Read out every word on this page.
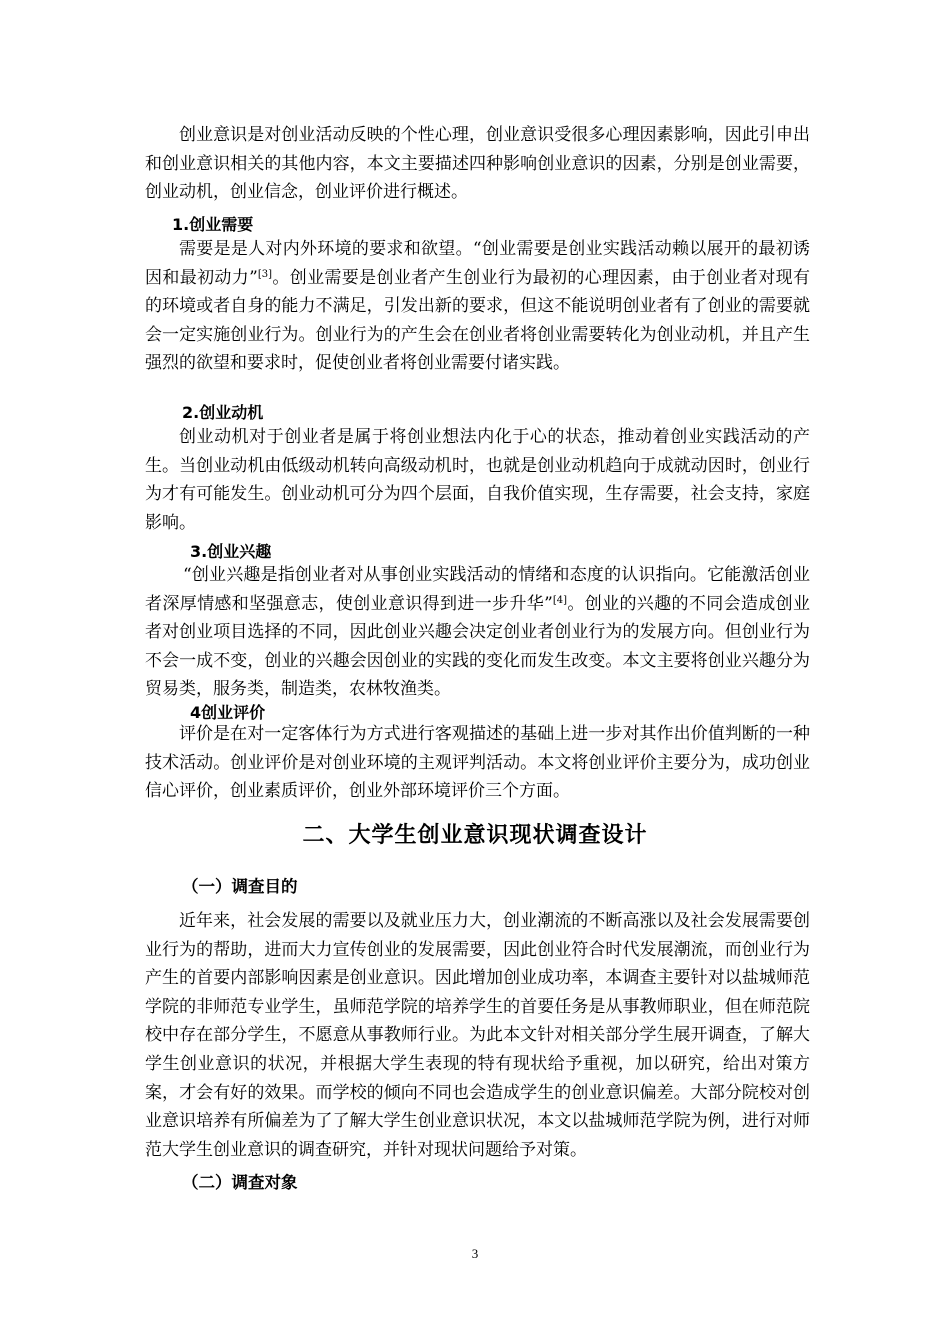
创业意识是对创业活动反映的个性心理，创业意识受很多心理因素影响，因此引申出和创业意识相关的其他内容，本文主要描述四种影响创业意识的因素，分别是创业需要，创业动机，创业信念，创业评价进行概述。

1.创业需要

需要是是人对内外环境的要求和欲望。“创业需要是创业实践活动赖以展开的最初诱因和最初动力”[3]。创业需要是创业者产生创业行为最初的心理因素，由于创业者对现有的环境或者自身的能力不满足，引发出新的要求，但这不能说明创业者有了创业的需要就会一定实施创业行为。创业行为的产生会在创业者将创业需要转化为创业动机，并且产生强烈的欲望和要求时，促使创业者将创业需要付诸实践。

2.创业动机

创业动机对于创业者是属于将创业想法内化于心的状态，推动着创业实践活动的产生。当创业动机由低级动机转向高级动机时，也就是创业动机趋向于成就动因时，创业行为才有可能发生。创业动机可分为四个层面，自我价值实现，生存需要，社会支持，家庭影响。

3.创业兴趣

“创业兴趣是指创业者对从事创业实践活动的情绪和态度的认识指向。它能激活创业者深厚情感和坚强意志，使创业意识得到进一步升华”[4]。创业的兴趣的不同会造成创业者对创业项目选择的不同，因此创业兴趣会决定创业者创业行为的发展方向。但创业行为不会一成不变，创业的兴趣会因创业的实践的变化而发生改变。本文主要将创业兴趣分为贸易类，服务类，制造类，农林牧渔类。

4创业评价

评价是在对一定客体行为方式进行客观描述的基础上进一步对其作出价值判断的一种技术活动。创业评价是对创业环境的主观评判活动。本文将创业评价主要分为，成功创业信心评价，创业素质评价，创业外部环境评价三个方面。

二、大学生创业意识现状调查设计
（一）调查目的

近年来，社会发展的需要以及就业压力大，创业潮流的不断高涨以及社会发展需要创业行为的帮助，进而大力宣传创业的发展需要，因此创业符合时代发展潮流，而创业行为产生的首要内部影响因素是创业意识。因此增加创业成功率，本调查主要针对以盐城师范学院的非师范专业学生，虽师范学院的培养学生的首要任务是从事教师职业，但在师范院校中存在部分学生，不愿意从事教师行业。为此本文针对相关部分学生展开调查，了解大学生创业意识的状况，并根据大学生表现的特有现状给予重视，加以研究，给出对策方案，才会有好的效果。而学校的倾向不同也会造成学生的创业意识偏差。大部分院校对创业意识培养有所偏差为了了解大学生创业意识状况，本文以盐城师范学院为例，进行对师范大学生创业意识的调查研究，并针对现状问题给予对策。

（二）调查对象
3
